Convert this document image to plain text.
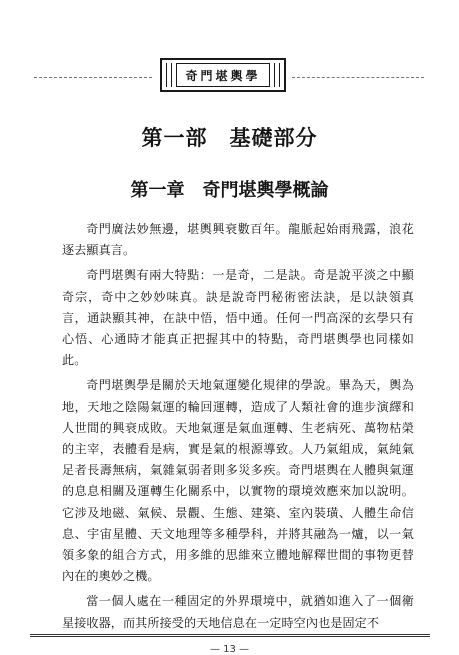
奇門堪輿學
第一部　基礎部分
第一章　奇門堪輿學概論

奇門廣法妙無邊，堪輿興衰數百年。龍脈起始雨飛露，浪花逐去顯真言。

奇門堪輿有兩大特點：一是奇，二是訣。奇是說平淡之中顯奇宗，奇中之妙妙味真。訣是說奇門秘術密法訣，是以訣領真言，通訣顯其神，在訣中悟，悟中通。任何一門高深的玄學只有心悟、心通時才能真正把握其中的特點，奇門堪輿學也同樣如此。

奇門堪輿學是關於天地氣運變化規律的學說。畢為天，輿為地，天地之陰陽氣運的輪回運轉，造成了人類社會的進步演繹和人世間的興衰成敗。天地氣運是氣血運轉、生老病死、萬物枯榮的主宰，表體看是病，實是氣的根源導致。人乃氣組成，氣純氣足者長壽無病，氣雜氣弱者則多災多疾。奇門堪輿在人體與氣運的息息相關及運轉生化關系中，以實物的環境效應來加以說明。它涉及地磁、氣候、景觀、生態、建築、室內裝璜、人體生命信息、宇宙星體、天文地理等多種學科，并將其融為一爐，以一氣領多象的組合方式，用多維的思維來立體地解釋世間的事物更替內在的奧妙之機。

當一個人處在一種固定的外界環境中，就猶如進入了一個衛星接收器，而其所接受的天地信息在一定時空內也是固定不

— 13 —
